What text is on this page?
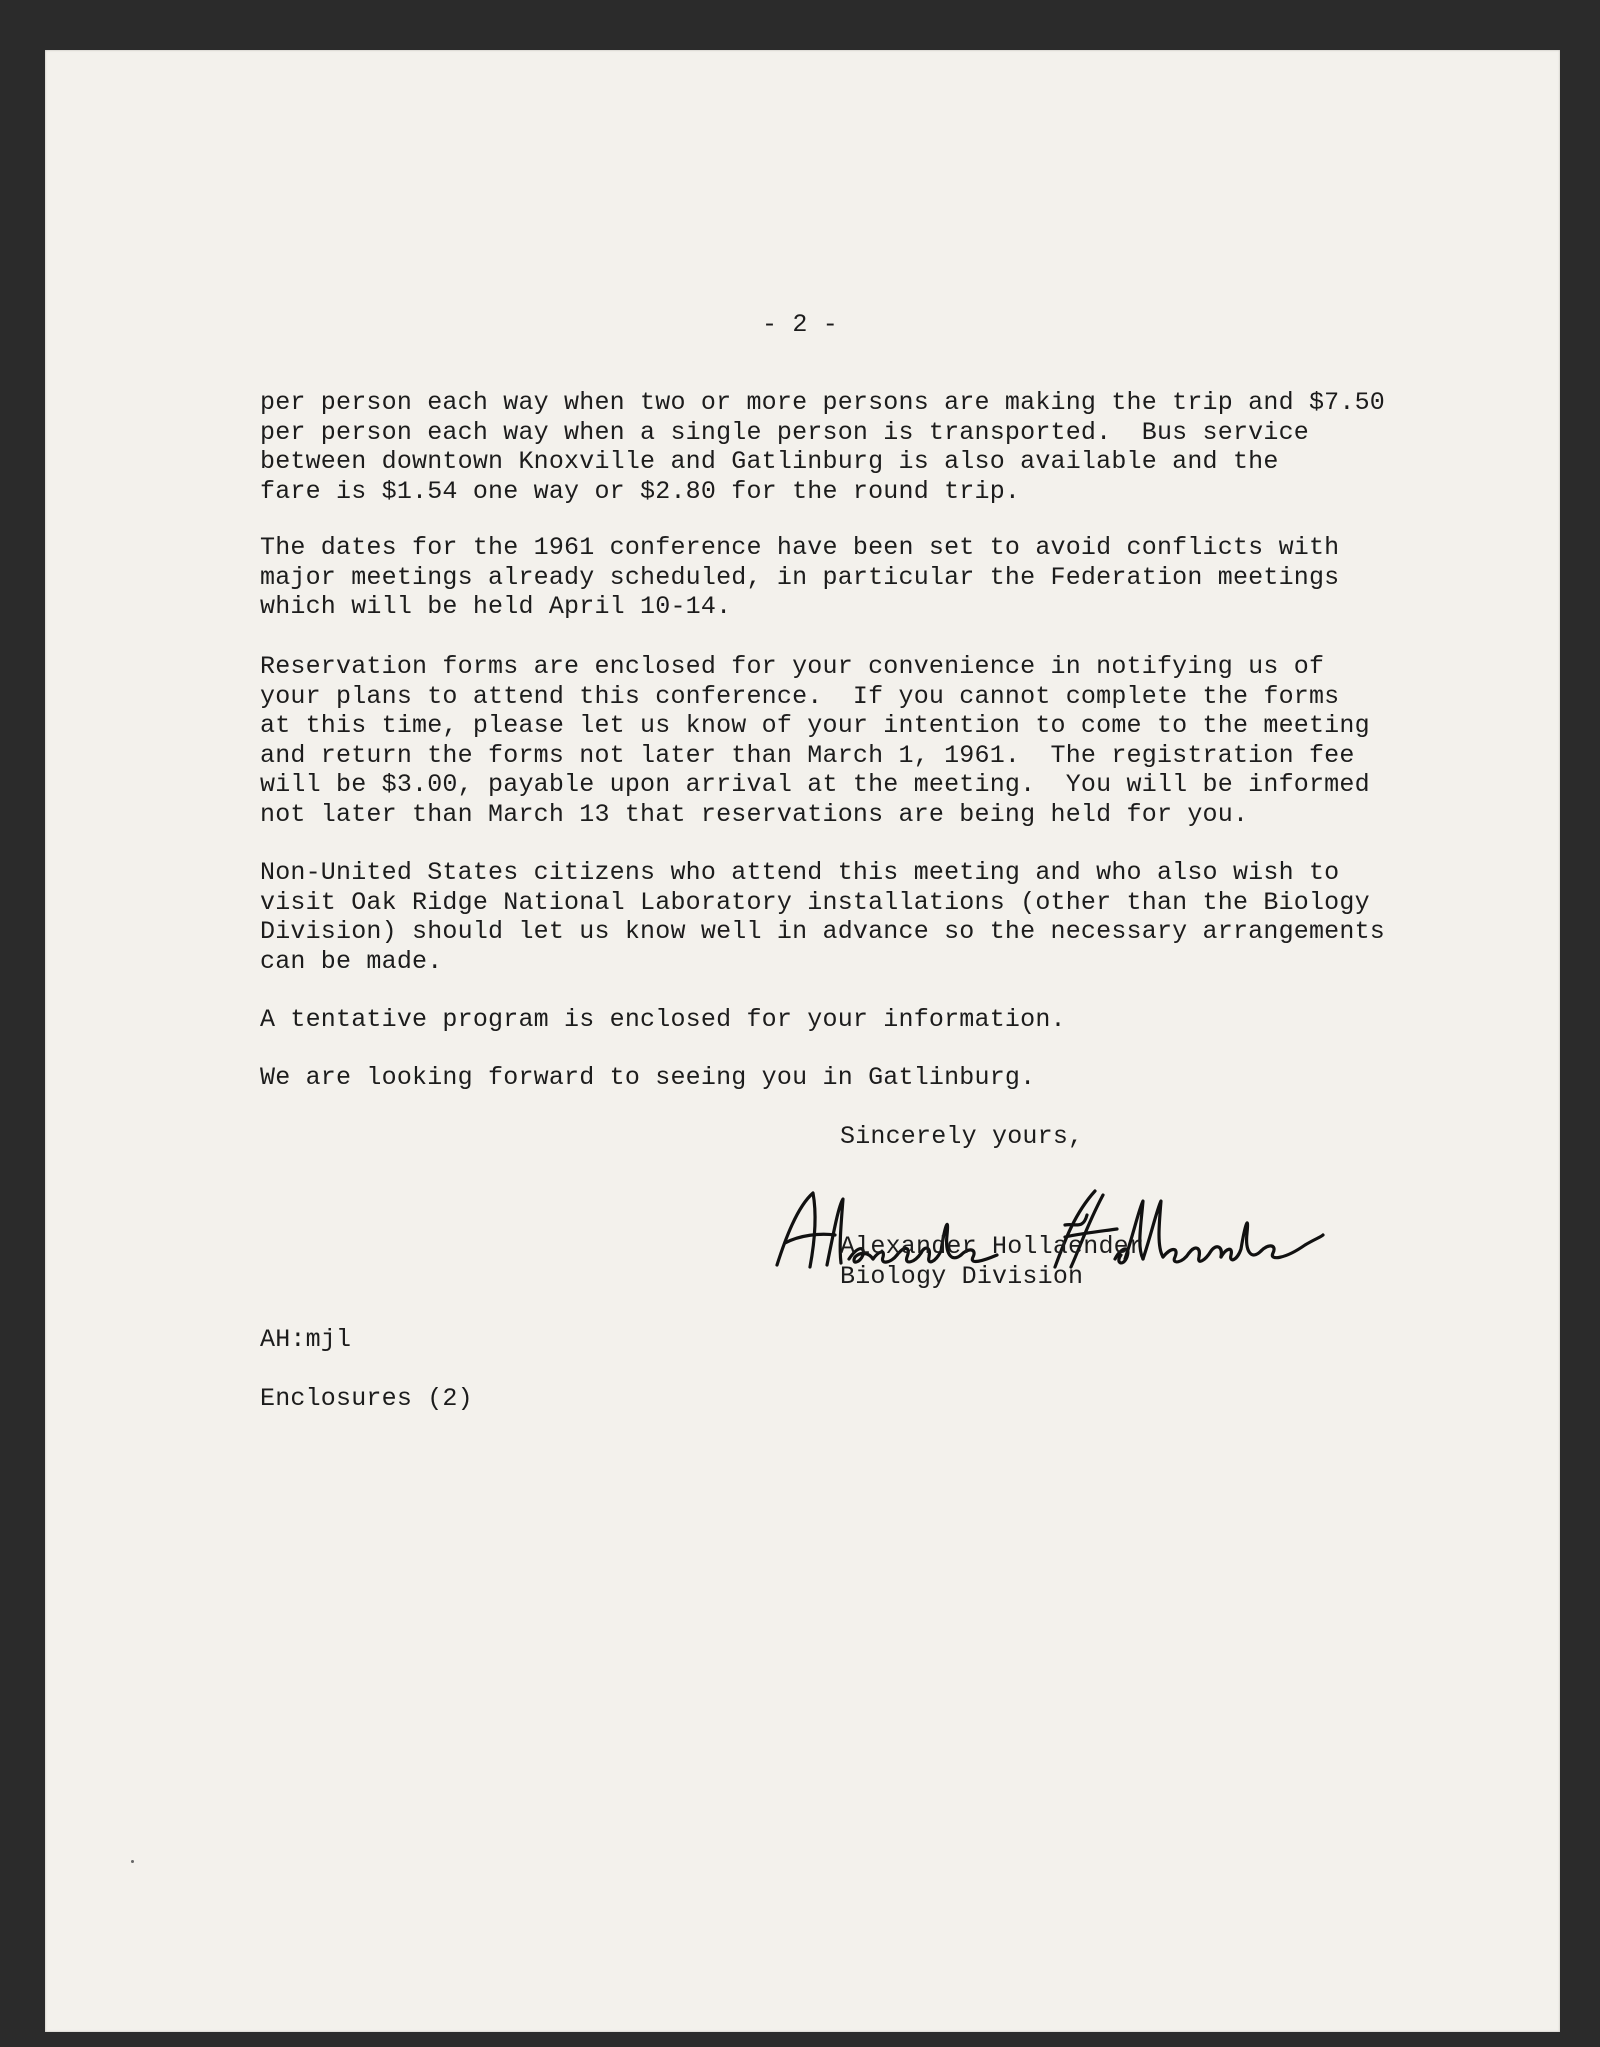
- 2 -
per person each way when two or more persons are making the trip and $7.50
per person each way when a single person is transported.  Bus service
between downtown Knoxville and Gatlinburg is also available and the
fare is $1.54 one way or $2.80 for the round trip.
The dates for the 1961 conference have been set to avoid conflicts with
major meetings already scheduled, in particular the Federation meetings
which will be held April 10-14.
Reservation forms are enclosed for your convenience in notifying us of
your plans to attend this conference.  If you cannot complete the forms
at this time, please let us know of your intention to come to the meeting
and return the forms not later than March 1, 1961.  The registration fee
will be $3.00, payable upon arrival at the meeting.  You will be informed
not later than March 13 that reservations are being held for you.
Non-United States citizens who attend this meeting and who also wish to
visit Oak Ridge National Laboratory installations (other than the Biology
Division) should let us know well in advance so the necessary arrangements
can be made.
A tentative program is enclosed for your information.
We are looking forward to seeing you in Gatlinburg.
Sincerely yours,
Alexander Hollaender
Biology Division
AH:mjl
Enclosures (2)
